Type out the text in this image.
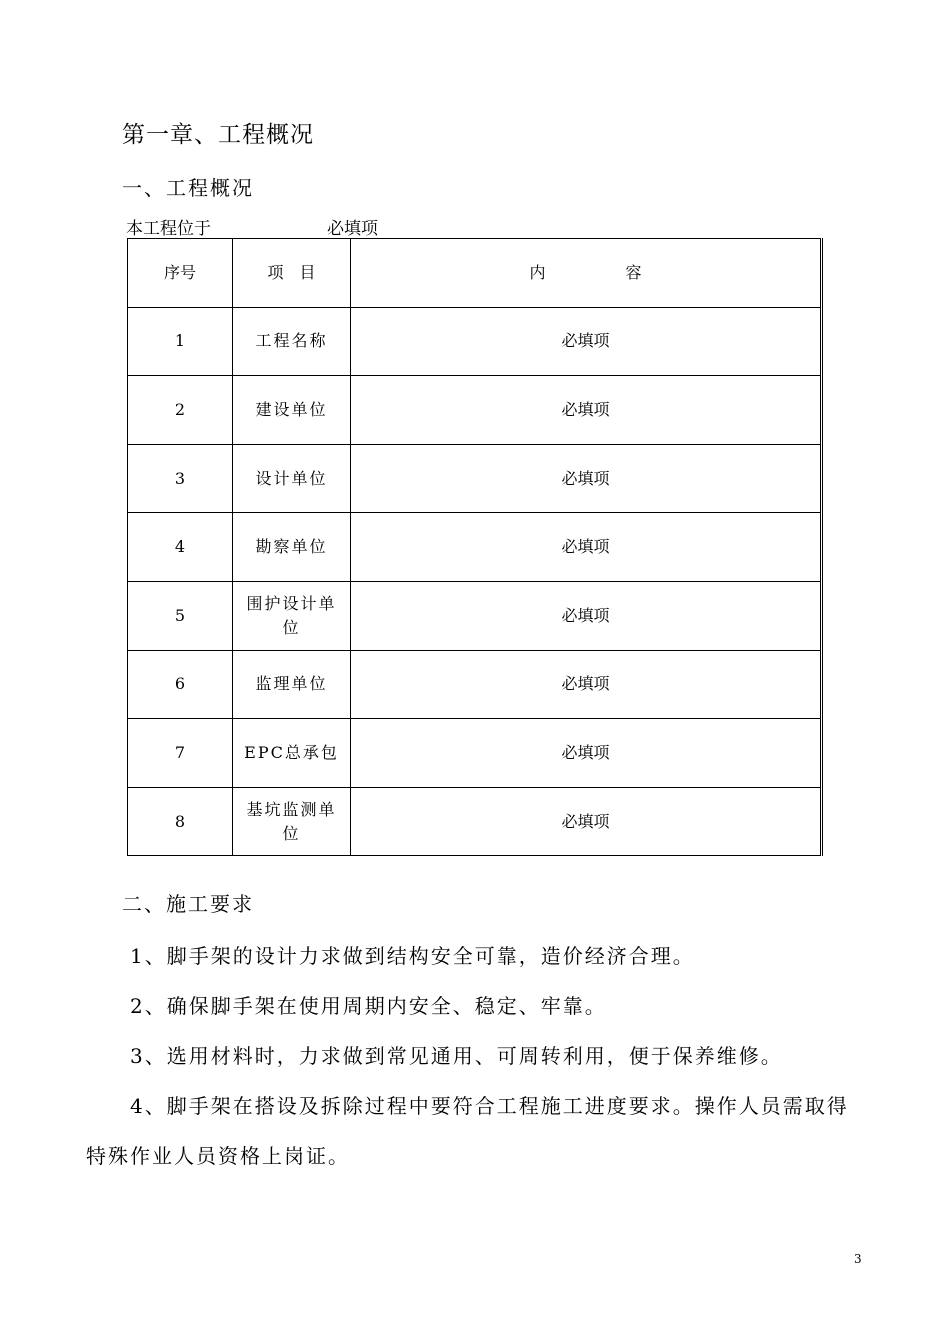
第一章、工程概况
一、工程概况
本工程位于	必填项
序号	项　目	内　　　　　容
1	工程名称	必填项
2	建设单位	必填项
3	设计单位	必填项
4	勘察单位	必填项
5	围护设计单位	必填项
6	监理单位	必填项
7	EPC总承包	必填项
8	基坑监测单位	必填项
二、施工要求
1、脚手架的设计力求做到结构安全可靠，造价经济合理。
2、确保脚手架在使用周期内安全、稳定、牢靠。
3、选用材料时，力求做到常见通用、可周转利用，便于保养维修。
4、脚手架在搭设及拆除过程中要符合工程施工进度要求。操作人员需取得
特殊作业人员资格上岗证。
3
